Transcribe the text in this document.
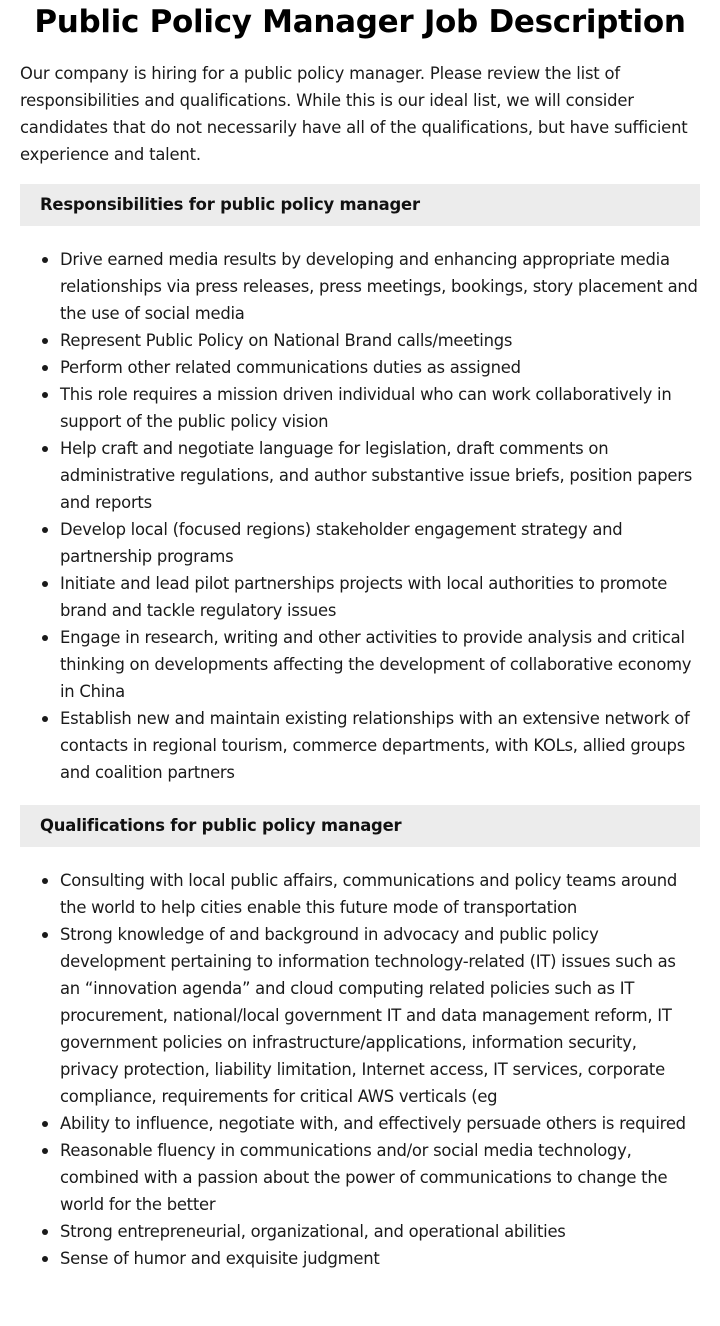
Public Policy Manager Job Description

Our company is hiring for a public policy manager. Please review the list of responsibilities and qualifications. While this is our ideal list, we will consider candidates that do not necessarily have all of the qualifications, but have sufficient experience and talent.

Responsibilities for public policy manager
Drive earned media results by developing and enhancing appropriate media relationships via press releases, press meetings, bookings, story placement and the use of social media
Represent Public Policy on National Brand calls/meetings
Perform other related communications duties as assigned
This role requires a mission driven individual who can work collaboratively in support of the public policy vision
Help craft and negotiate language for legislation, draft comments on administrative regulations, and author substantive issue briefs, position papers and reports
Develop local (focused regions) stakeholder engagement strategy and partnership programs
Initiate and lead pilot partnerships projects with local authorities to promote brand and tackle regulatory issues
Engage in research, writing and other activities to provide analysis and critical thinking on developments affecting the development of collaborative economy in China
Establish new and maintain existing relationships with an extensive network of contacts in regional tourism, commerce departments, with KOLs, allied groups and coalition partners
Qualifications for public policy manager
Consulting with local public affairs, communications and policy teams around the world to help cities enable this future mode of transportation
Strong knowledge of and background in advocacy and public policy development pertaining to information technology-related (IT) issues such as an “innovation agenda” and cloud computing related policies such as IT procurement, national/local government IT and data management reform, IT government policies on infrastructure/applications, information security, privacy protection, liability limitation, Internet access, IT services, corporate compliance, requirements for critical AWS verticals (eg
Ability to influence, negotiate with, and effectively persuade others is required
Reasonable fluency in communications and/or social media technology, combined with a passion about the power of communications to change the world for the better
Strong entrepreneurial, organizational, and operational abilities
Sense of humor and exquisite judgment
